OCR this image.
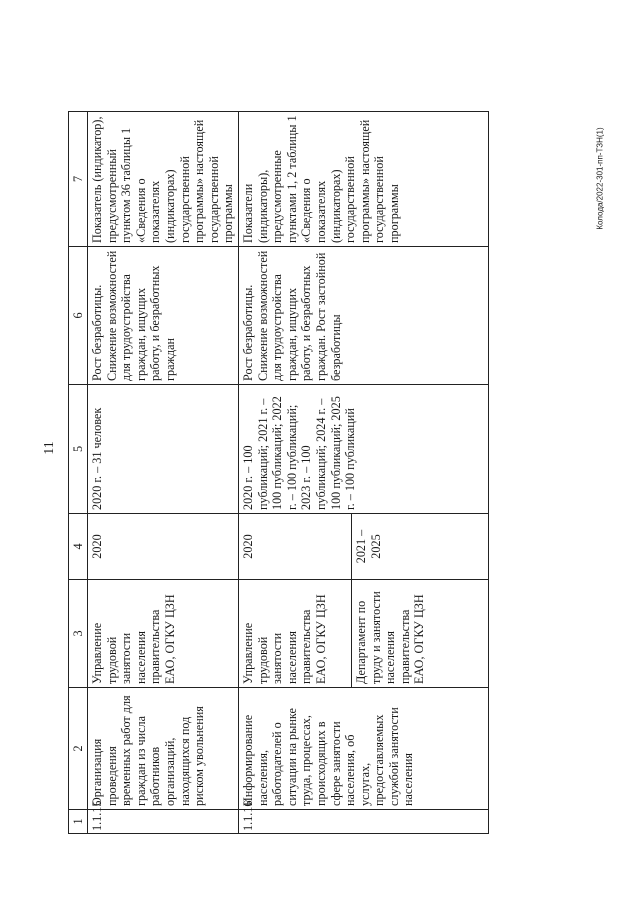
11
Колода/2022-301-пп-ТЗН(1)
1	2	3	4	5	6	7
1.1.15	Организация проведения временных работ для граждан из числа работников организаций, находящихся под риском увольнения	Управление трудовой занятости населения правительства ЕАО, ОГКУ ЦЗН	2020	2020 г. – 31 человек	Рост безработицы. Снижение возможностей для трудоустройства граждан, ищущих работу, и безработных граждан	Показатель (индикатор), предусмотренный пунктом 36 таблицы 1 «Сведения о показателях (индикаторах) государственной программы» настоящей государственной программы
1.1.16	Информирование населения, работодателей о ситуации на рынке труда, процессах, происходящих в сфере занятости населения, об услугах, предоставляемых службой занятости населения	Управление трудовой занятости населения правительства ЕАО, ОГКУ ЦЗН	2020	2020 г. – 100 публикаций; 2021 г. – 100 публикаций; 2022 г. – 100 публикаций; 2023 г. – 100 публикаций; 2024 г. – 100 публикаций; 2025 г. – 100 публикаций	Рост безработицы. Снижение возможностей для трудоустройства граждан, ищущих работу, и безработных граждан. Рост застойной безработицы	Показатели (индикаторы), предусмотренные пунктами 1, 2 таблицы 1 «Сведения о показателях (индикаторах) государственной программы» настоящей государственной программы
		Департамент по труду и занятости населения правительства ЕАО, ОГКУ ЦЗН	2021 – 2025			
